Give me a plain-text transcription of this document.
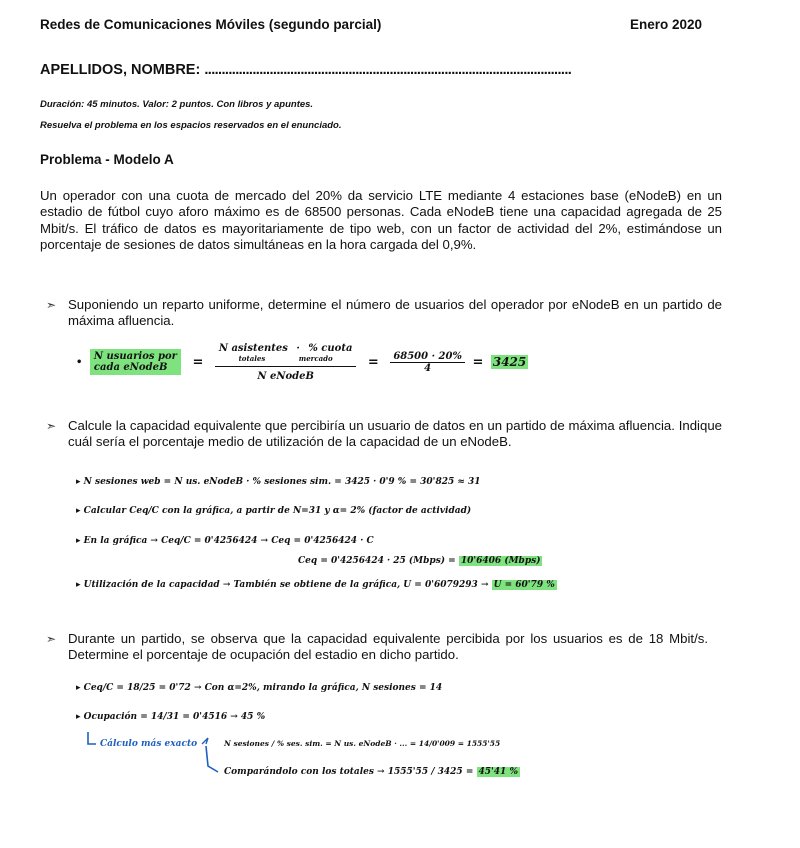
Redes de Comunicaciones Móviles (segundo parcial)	Enero 2020
APELLIDOS, NOMBRE: ...........................................................................................................
Duración: 45 minutos. Valor: 2 puntos. Con libros y apuntes.
Resuelva el problema en los espacios reservados en el enunciado.
Problema - Modelo A
Un operador con una cuota de mercado del 20% da servicio LTE mediante 4 estaciones base (eNodeB) en un estadio de fútbol cuyo aforo máximo es de 68500 personas. Cada eNodeB tiene una capacidad agregada de 25 Mbit/s. El tráfico de datos es mayoritariamente de tipo web, con un factor de actividad del 2%, estimándose un porcentaje de sesiones de datos simultáneas en la hora cargada del 0,9%.
➣ Suponiendo un reparto uniforme, determine el número de usuarios del operador por eNodeB en un partido de máxima afluencia.
• N usuarios por
cada eNodeB =
N asistentes · % cuota
totales	mercado
N eNodeB
= $\frac{68500 \cdot 20\%}{4} = 3425$
➣ Calcule la capacidad equivalente que percibiría un usuario de datos en un partido de máxima afluencia. Indique cuál sería el porcentaje medio de utilización de la capacidad de un eNodeB.
▸ N sesiones web = N us. eNodeB · % sesiones sim. = 3425 · 0'9 % = 30'825 ≈ 31
▸ Calcular Ceq/C con la gráfica, a partir de N=31 y α= 2% (factor de actividad)
▸ En la gráfica → Ceq/C = 0'4256424 → Ceq = 0'4256424 · C
Ceq = 0'4256424 · 25 (Mbps) = 10'6406 (Mbps)
▸ Utilización de la capacidad → También se obtiene de la gráfica, U = 0'6079293 → U = 60'79 %
➣ Durante un partido, se observa que la capacidad equivalente percibida por los usuarios es de 18 Mbit/s. Determine el porcentaje de ocupación del estadio en dicho partido.
▸ Ceq/C = 18/25 = 0'72 → Con α=2%, mirando la gráfica, N sesiones = 14
▸ Ocupación = 14/31 = 0'4516 → 45 %
Cálculo más exacto	N sesiones / % ses. sim. = N us. eNodeB · ... = 14/0'009 = 1555'55
Comparándolo con los totales → 1555'55 / 3425 = 45'41 %
